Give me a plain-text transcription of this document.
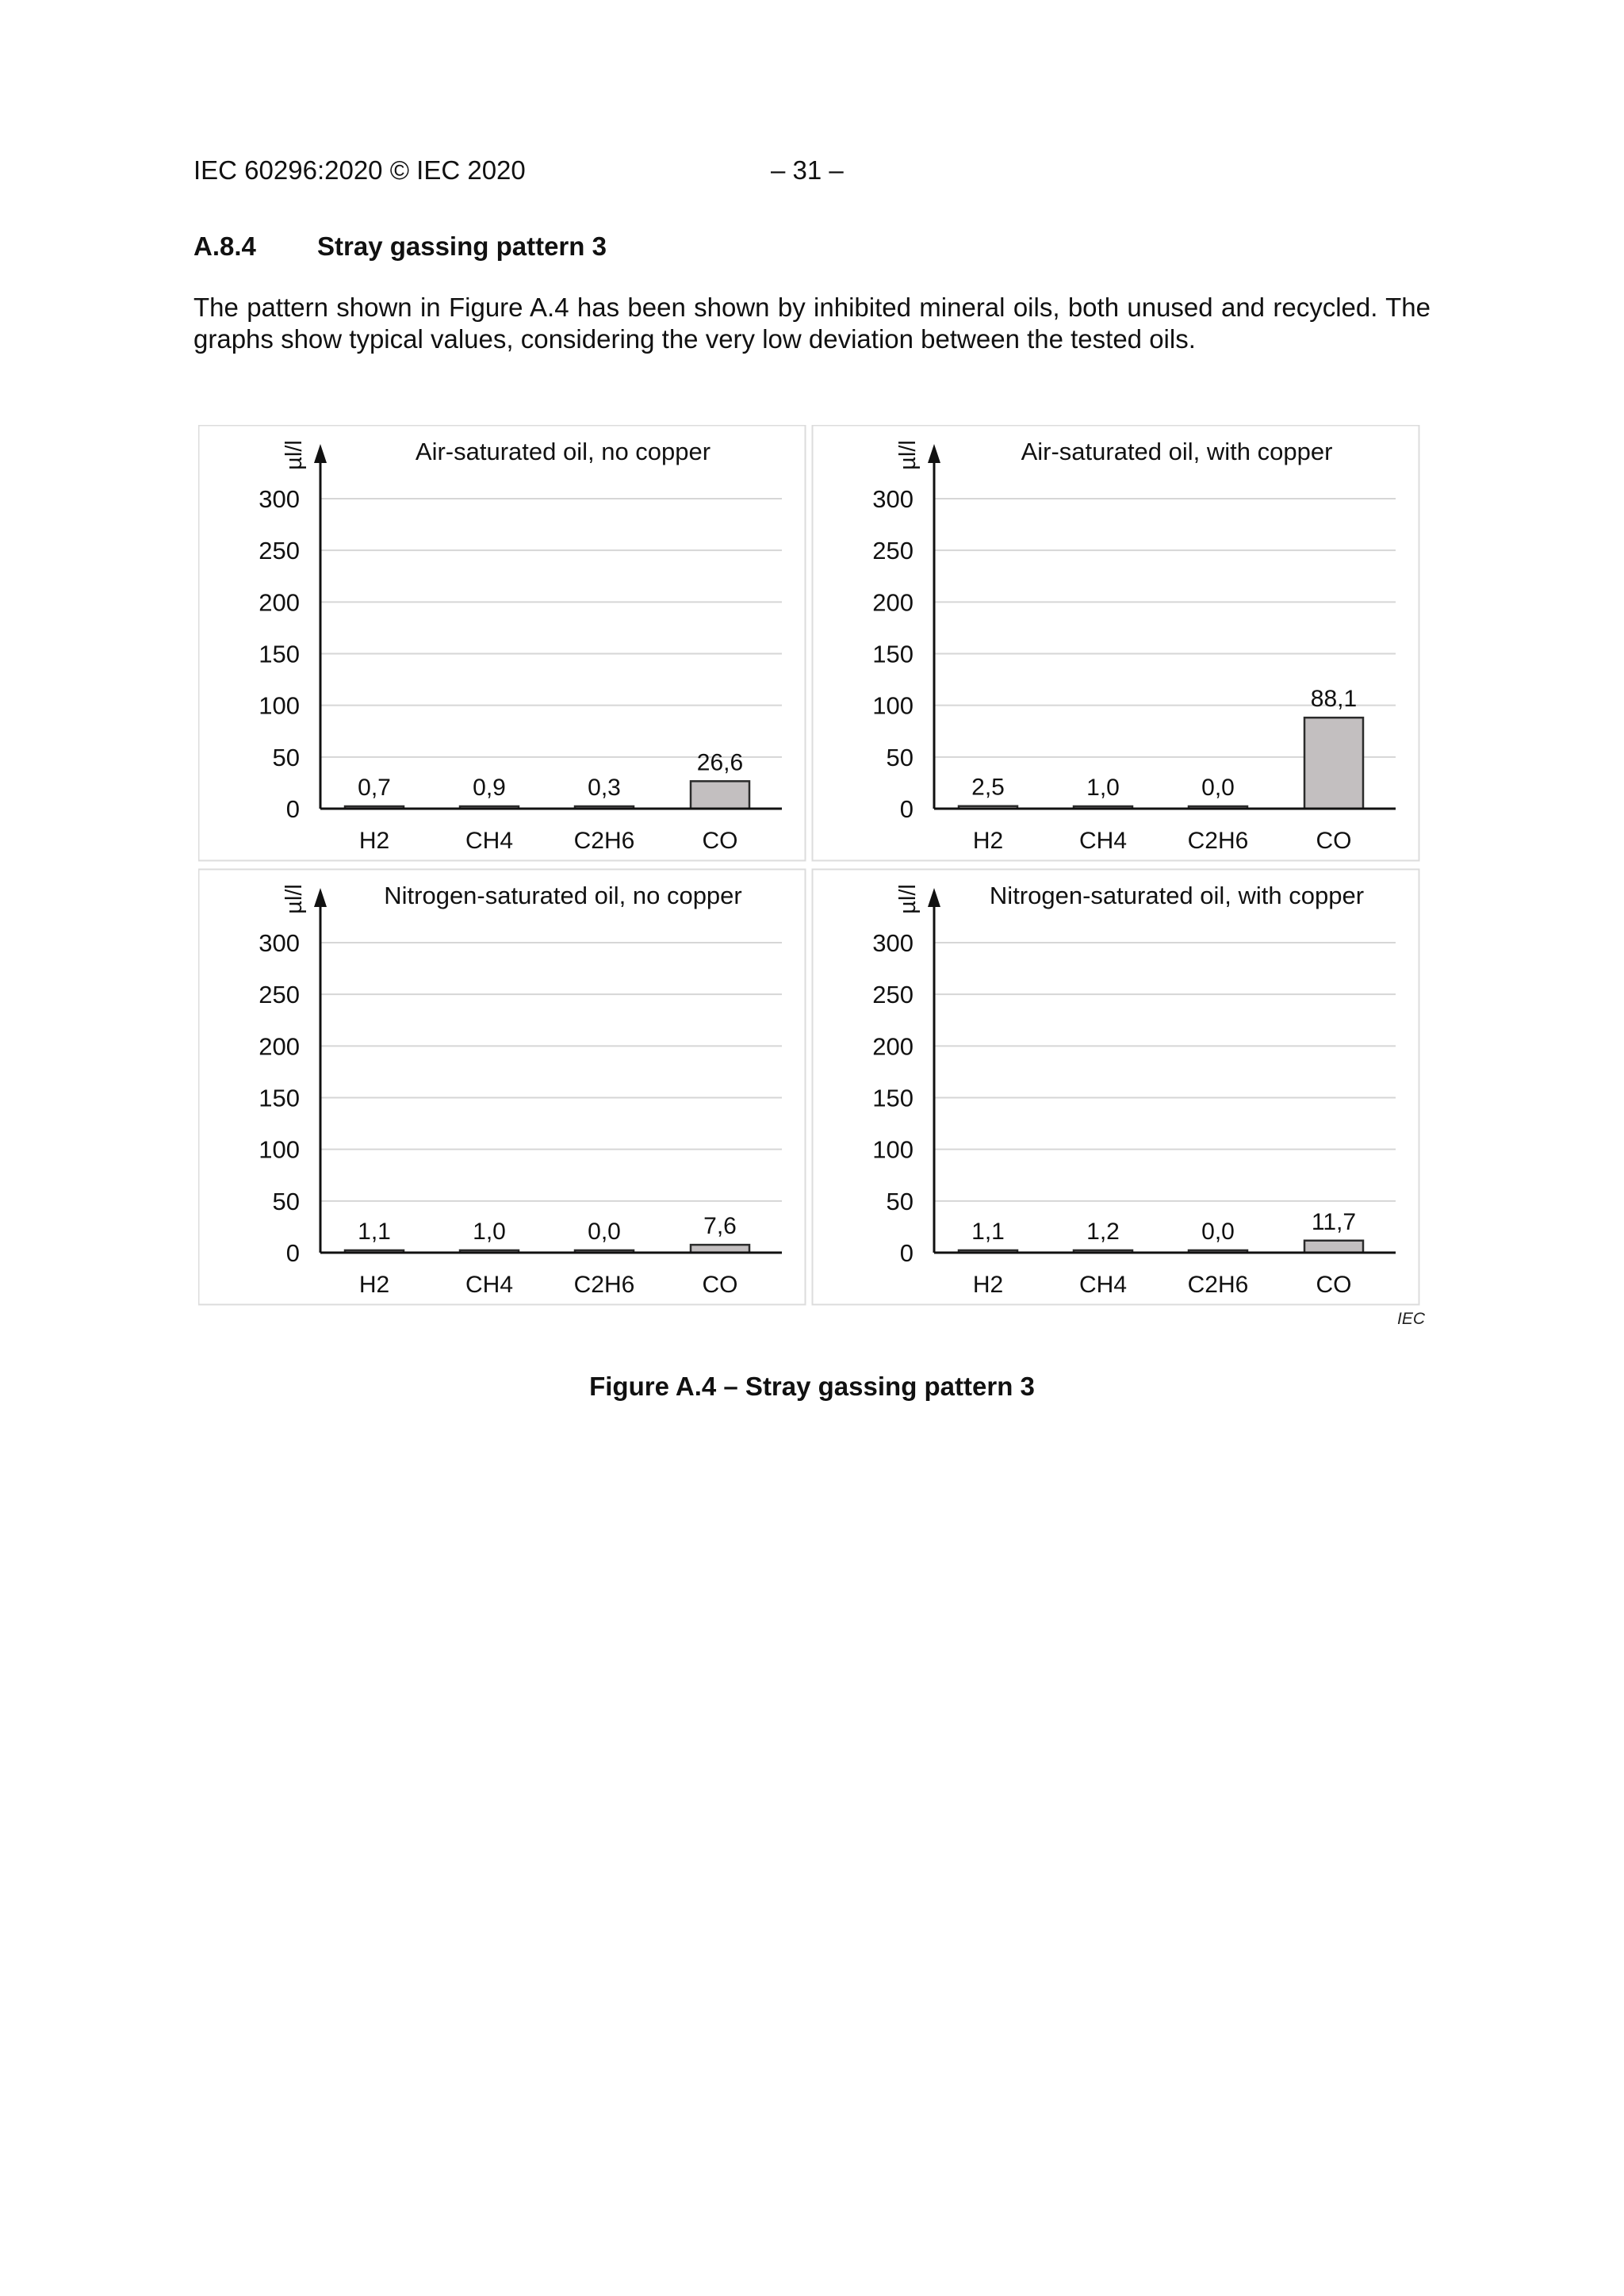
IEC 60296:2020 © IEC 2020	– 31 –
A.8.4 Stray gassing pattern 3
The pattern shown in Figure A.4 has been shown by inhibited mineral oils, both unused and recycled. The graphs show typical values, considering the very low deviation between the tested oils.
0
50
100
150
200
250
300
µl/l	Air-saturated oil, no copper
0,7
H2
0,9
CH4
0,3
C2H6
26,6
CO
0
50
100
150
200
250
300
µl/l	Air-saturated oil, with copper
2,5
H2
1,0
CH4
0,0
C2H6
88,1
CO
0
50
100
150
200
250
300
µl/l	Nitrogen-saturated oil, no copper
1,1
H2
1,0
CH4
0,0
C2H6
7,6
CO
0
50
100
150
200
250
300
µl/l	Nitrogen-saturated oil, with copper
1,1
H2
1,2
CH4
0,0
C2H6
11,7
CO
IEC
Figure A.4 – Stray gassing pattern 3
